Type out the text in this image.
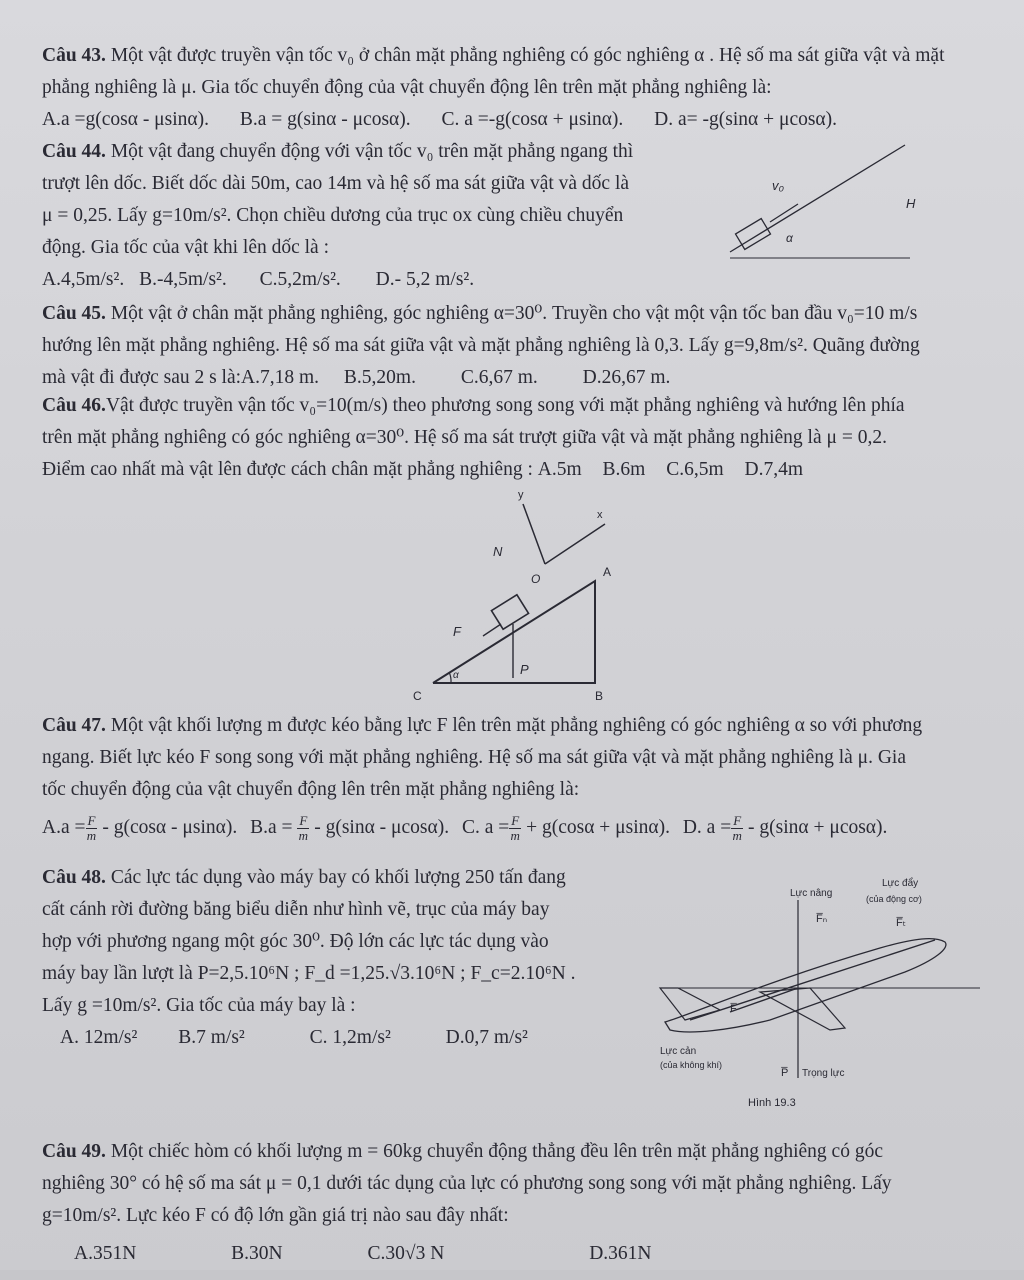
Câu 43. Một vật được truyền vận tốc v₀ ở chân mặt phẳng nghiêng có góc nghiêng α . Hệ số ma sát giữa vật và mặt phẳng nghiêng là μ. Gia tốc chuyển động của vật chuyển động lên trên mặt phẳng nghiêng là:
A.a =g(cosα - μsinα). B.a = g(sinα - μcosα). C. a =-g(cosα + μsinα). D. a= -g(sinα + μcosα).
Câu 44. Một vật đang chuyển động với vận tốc v₀ trên mặt phẳng ngang thì
trượt lên dốc. Biết dốc dài 50m, cao 14m và hệ số ma sát giữa vật và dốc là
μ = 0,25. Lấy g=10m/s². Chọn chiều dương của trục ox cùng chiều chuyển
động. Gia tốc của vật khi lên dốc là :
A.4,5m/s². B.-4,5m/s². C.5,2m/s². D.- 5,2 m/s².
v₀
H
α
Câu 45. Một vật ở chân mặt phẳng nghiêng, góc nghiêng α=30⁰. Truyền cho vật một vận tốc ban đầu v₀=10 m/s
hướng lên mặt phẳng nghiêng. Hệ số ma sát giữa vật và mặt phẳng nghiêng là 0,3. Lấy g=9,8m/s². Quãng đường
mà vật đi được sau 2 s là:A.7,18 m. B.5,20m. C.6,67 m. D.26,67 m.
Câu 46.Vật được truyền vận tốc v₀=10(m/s) theo phương song song với mặt phẳng nghiêng và hướng lên phía
trên mặt phẳng nghiêng có góc nghiêng α=30⁰. Hệ số ma sát trượt giữa vật và mặt phẳng nghiêng là μ = 0,2.
Điểm cao nhất mà vật lên được cách chân mặt phẳng nghiêng : A.5m B.6m C.6,5m D.7,4m
y
x
N
O	A
F
P
α
C	B
Câu 47. Một vật khối lượng m được kéo bằng lực F lên trên mặt phẳng nghiêng có góc nghiêng α so với phương
ngang. Biết lực kéo F song song với mặt phẳng nghiêng. Hệ số ma sát giữa vật và mặt phẳng nghiêng là μ. Gia
tốc chuyển động của vật chuyển động lên trên mặt phẳng nghiêng là:
$A.a = \frac{F}{m} - g(\cos\alpha - \mu\sin\alpha)$. $B.a = \frac{F}{m} - g(\sin\alpha - \mu\cos\alpha)$. C. $a = \frac{F}{m} + g(\cos\alpha + \mu\sin\alpha)$. D. $a = \frac{F}{m} - g(\sin\alpha + \mu\cos\alpha)$.
Câu 48. Các lực tác dụng vào máy bay có khối lượng 250 tấn đang
cất cánh rời đường băng biểu diễn như hình vẽ, trục của máy bay
hợp với phương ngang một góc 30⁰. Độ lớn các lực tác dụng vào
máy bay lần lượt là P=2,5.10⁶N ; F_d =1,25.√3.10⁶N ; F_c=2.10⁶N .
Lấy g =10m/s². Gia tốc của máy bay là :
A. 12m/s² B.7 m/s²	C. 1,2m/s²	D.0,7 m/s²
Lực nâng
F̅ₙ
Lực đẩy
(của động cơ)
F̅ₜ
F̅
Lực cản
(của không khí)
P̅ Trọng lực
Hình 19.3
Câu 49. Một chiếc hòm có khối lượng m = 60kg chuyển động thẳng đều lên trên mặt phẳng nghiêng có góc
nghiêng 30° có hệ số ma sát μ = 0,1 dưới tác dụng của lực có phương song song với mặt phẳng nghiêng. Lấy
g=10m/s². Lực kéo F có độ lớn gần giá trị nào sau đây nhất:
A.351N	B.30N	C.30√3 N	D.361N
